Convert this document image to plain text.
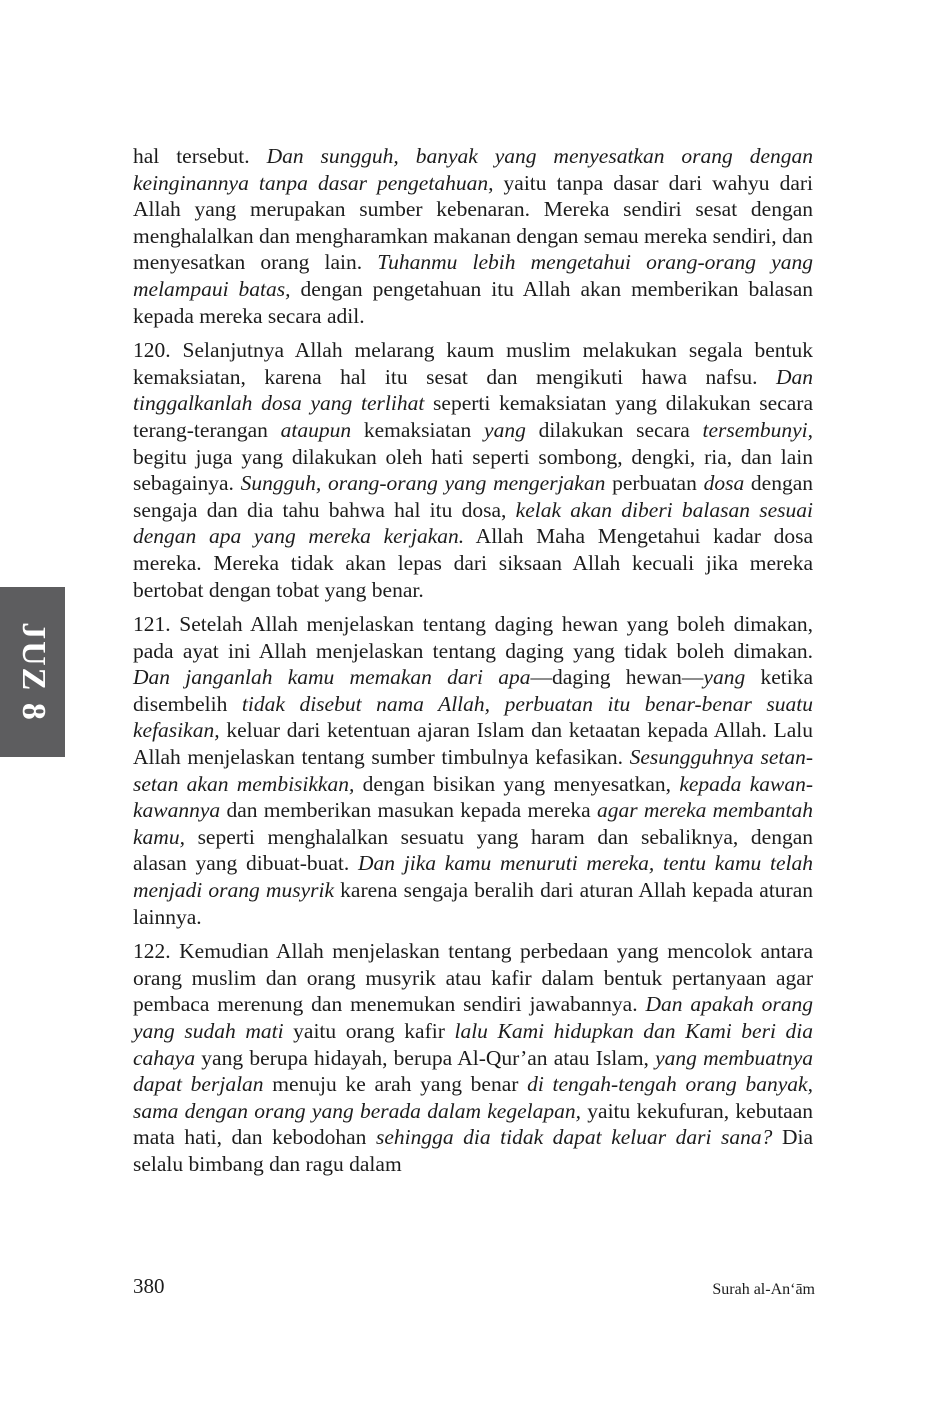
JUZ 8

hal tersebut. Dan sungguh, banyak yang menyesatkan orang dengan keinginannya tanpa dasar pengetahuan, yaitu tanpa dasar dari wahyu dari Allah yang merupakan sumber kebenaran. Mereka sendiri sesat dengan menghalalkan dan mengharamkan makanan dengan semau mereka sendiri, dan menyesatkan orang lain. Tuhanmu lebih mengetahui orang-orang yang melampaui batas, dengan pengetahuan itu Allah akan memberikan balasan kepada mereka secara adil.

120. Selanjutnya Allah melarang kaum muslim melakukan segala bentuk kemaksiatan, karena hal itu sesat dan mengikuti hawa nafsu. Dan tinggalkanlah dosa yang terlihat seperti kemaksiatan yang dilakukan secara terang-terangan ataupun kemaksiatan yang dilakukan secara tersembunyi, begitu juga yang dilakukan oleh hati seperti sombong, dengki, ria, dan lain sebagainya. Sungguh, orang-orang yang mengerjakan perbuatan dosa dengan sengaja dan dia tahu bahwa hal itu dosa, kelak akan diberi balasan sesuai dengan apa yang mereka kerjakan. Allah Maha Mengetahui kadar dosa mereka. Mereka tidak akan lepas dari siksaan Allah kecuali jika mereka bertobat dengan tobat yang benar.

121. Setelah Allah menjelaskan tentang daging hewan yang boleh dimakan, pada ayat ini Allah menjelaskan tentang daging yang tidak boleh dimakan. Dan janganlah kamu memakan dari apa—daging hewan—yang ketika disembelih tidak disebut nama Allah, perbuatan itu benar-benar suatu kefasikan, keluar dari ketentuan ajaran Islam dan ketaatan kepada Allah. Lalu Allah menjelaskan tentang sumber timbulnya kefasikan. Sesungguhnya setan-setan akan membisikkan, dengan bisikan yang menyesatkan, kepada kawan-kawannya dan memberikan masukan kepada mereka agar mereka membantah kamu, seperti menghalalkan sesuatu yang haram dan sebaliknya, dengan alasan yang dibuat-buat. Dan jika kamu menuruti mereka, tentu kamu telah menjadi orang musyrik karena sengaja beralih dari aturan Allah kepada aturan lainnya.

122. Kemudian Allah menjelaskan tentang perbedaan yang mencolok antara orang muslim dan orang musyrik atau kafir dalam bentuk pertanyaan agar pembaca merenung dan menemukan sendiri jawabannya. Dan apakah orang yang sudah mati yaitu orang kafir lalu Kami hidupkan dan Kami beri dia cahaya yang berupa hidayah, berupa Al-Qur’an atau Islam, yang membuatnya dapat berjalan menuju ke arah yang benar di tengah-tengah orang banyak, sama dengan orang yang berada dalam kegelapan, yaitu kekufuran, kebutaan mata hati, dan kebodohan sehingga dia tidak dapat keluar dari sana? Dia selalu bimbang dan ragu dalam

380	Surah al-An‘ām
